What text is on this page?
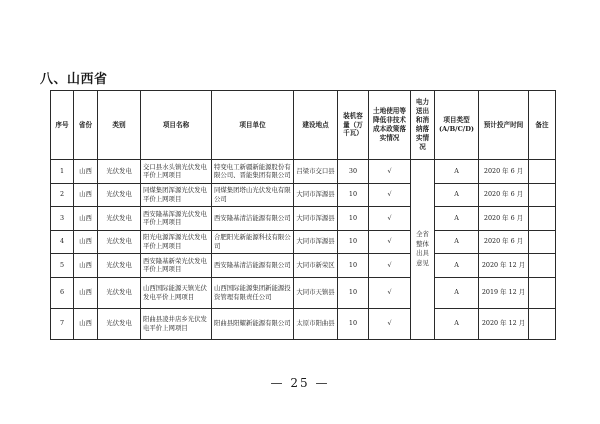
八、山西省
序号	省份	类别	项目名称	项目单位	建设地点	装机容量（万千瓦）	土地使用等降低非技术成本政策落实情况	电力送出和消纳落实情况	项目类型(A/B/C/D)	预计投产时间	备注
1	山西	光伏发电	交口县水头镇光伏发电平价上网项目	特变电工新疆新能源股份有限公司、晋能集团有限公司	吕梁市交口县	30	√	全省整体出具意见	A	2020 年 6 月	
2	山西	光伏发电	同煤集团浑源光伏发电平价上网项目	同煤集团塔山光伏发电有限公司	大同市浑源县	10	√		A	2020 年 6 月	
3	山西	光伏发电	西安隆基浑源光伏发电平价上网项目	西安隆基清洁能源有限公司	大同市浑源县	10	√		A	2020 年 6 月	
4	山西	光伏发电	阳光电源浑源光伏发电平价上网项目	合肥阳光新能源科技有限公司	大同市浑源县	10	√		A	2020 年 6 月	
5	山西	光伏发电	西安隆基新荣光伏发电平价上网项目	西安隆基清洁能源有限公司	大同市新荣区	10	√		A	2020 年 12 月	
6	山西	光伏发电	山西国际能源天镇光伏发电平价上网项目	山西国际能源集团新能源投资管理有限责任公司	大同市天镇县	10	√		A	2019 年 12 月	
7	山西	光伏发电	阳曲县凌井店乡光伏发电平价上网项目	阳曲县阳耀新能源有限公司	太原市阳曲县	10	√		A	2020 年 12 月	
— 25 —
